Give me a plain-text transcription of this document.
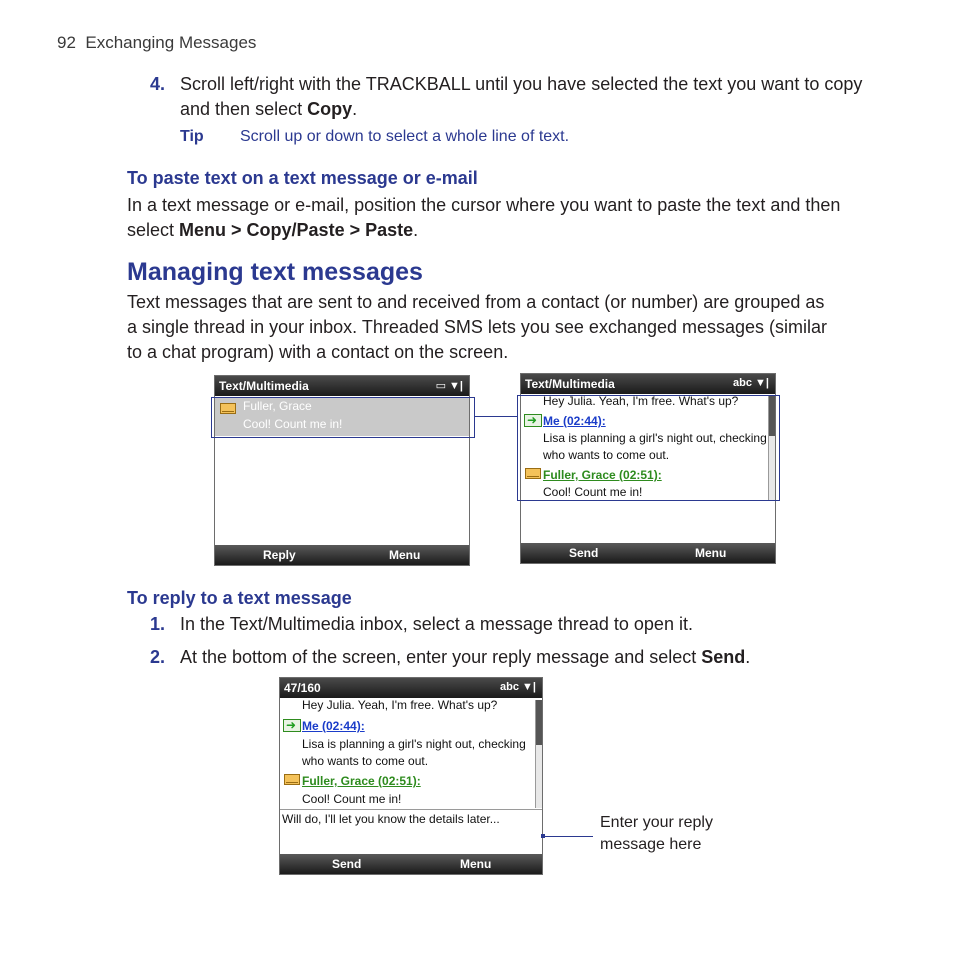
92 Exchanging Messages
4. Scroll left/right with the TRACKBALL until you have selected the text you want to copy and then select Copy.
Tip Scroll up or down to select a whole line of text.
To paste text on a text message or e-mail
In a text message or e-mail, position the cursor where you want to paste the text and then select Menu > Copy/Paste > Paste.
Managing text messages
Text messages that are sent to and received from a contact (or number) are grouped as a single thread in your inbox. Threaded SMS lets you see exchanged messages (similar to a chat program) with a contact on the screen.
Text/Multimedia	▭ ▼|
Fuller, Grace
Cool! Count me in!
Reply	Menu
Text/Multimedia	abc ▼|
Hey Julia. Yeah, I'm free. What's up?
➜ Me (02:44):
Lisa is planning a girl's night out, checking
who wants to come out.
Fuller, Grace (02:51):
Cool! Count me in!
Send	Menu
To reply to a text message
1. In the Text/Multimedia inbox, select a message thread to open it.
2. At the bottom of the screen, enter your reply message and select Send.
47/160	abc ▼|
Hey Julia. Yeah, I'm free. What's up?
➜ Me (02:44):
Lisa is planning a girl's night out, checking
who wants to come out.
Fuller, Grace (02:51):
Cool! Count me in!
Will do, I'll let you know the details later...
Send	Menu
Enter your reply
message here
